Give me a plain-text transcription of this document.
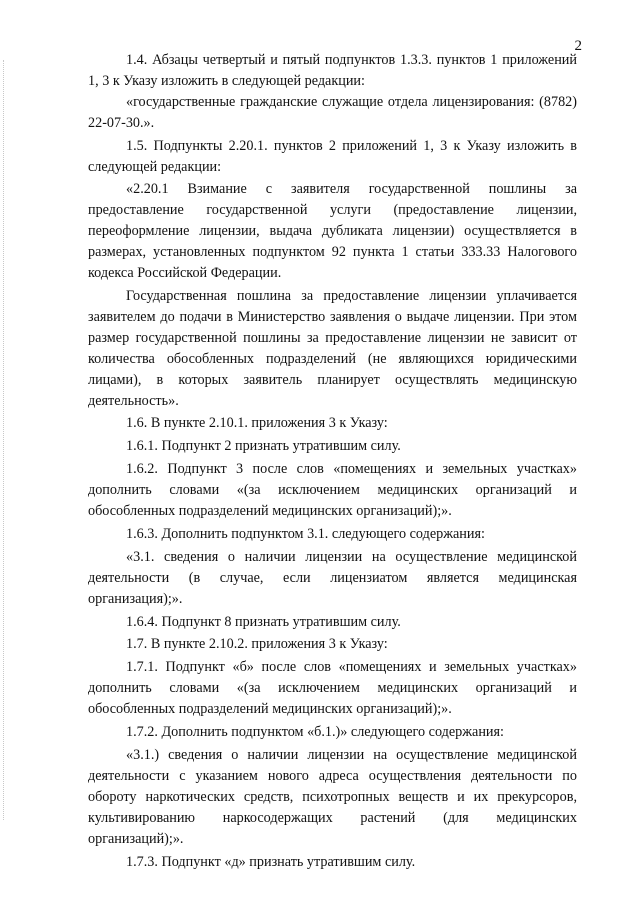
2

1.4. Абзацы четвертый и пятый подпунктов 1.3.3. пунктов 1 приложений 1, 3 к Указу изложить в следующей редакции:

«государственные гражданские служащие отдела лицензирования: (8782) 22-07-30.».

1.5. Подпункты 2.20.1. пунктов 2 приложений 1, 3 к Указу изложить в следующей редакции:

«2.20.1 Взимание с заявителя государственной пошлины за предоставление государственной услуги (предоставление лицензии, переоформление лицензии, выдача дубликата лицензии) осуществляется в размерах, установленных подпунктом 92 пункта 1 статьи 333.33 Налогового кодекса Российской Федерации.

Государственная пошлина за предоставление лицензии уплачивается заявителем до подачи в Министерство заявления о выдаче лицензии. При этом размер государственной пошлины за предоставление лицензии не зависит от количества обособленных подразделений (не являющихся юридическими лицами), в которых заявитель планирует осуществлять медицинскую деятельность».

1.6. В пункте 2.10.1. приложения 3 к Указу:

1.6.1. Подпункт 2 признать утратившим силу.

1.6.2. Подпункт 3 после слов «помещениях и земельных участках» дополнить словами «(за исключением медицинских организаций и обособленных подразделений медицинских организаций);».

1.6.3. Дополнить подпунктом 3.1. следующего содержания:

«3.1. сведения о наличии лицензии на осуществление медицинской деятельности (в случае, если лицензиатом является медицинская организация);».

1.6.4. Подпункт 8 признать утратившим силу.

1.7. В пункте 2.10.2. приложения 3 к Указу:

1.7.1. Подпункт «б» после слов «помещениях и земельных участках» дополнить словами «(за исключением медицинских организаций и обособленных подразделений медицинских организаций);».

1.7.2. Дополнить подпунктом «б.1.)» следующего содержания:

«3.1.) сведения о наличии лицензии на осуществление медицинской деятельности с указанием нового адреса осуществления деятельности по обороту наркотических средств, психотропных веществ и их прекурсоров, культивированию наркосодержащих растений (для медицинских организаций);».

1.7.3. Подпункт «д» признать утратившим силу.
